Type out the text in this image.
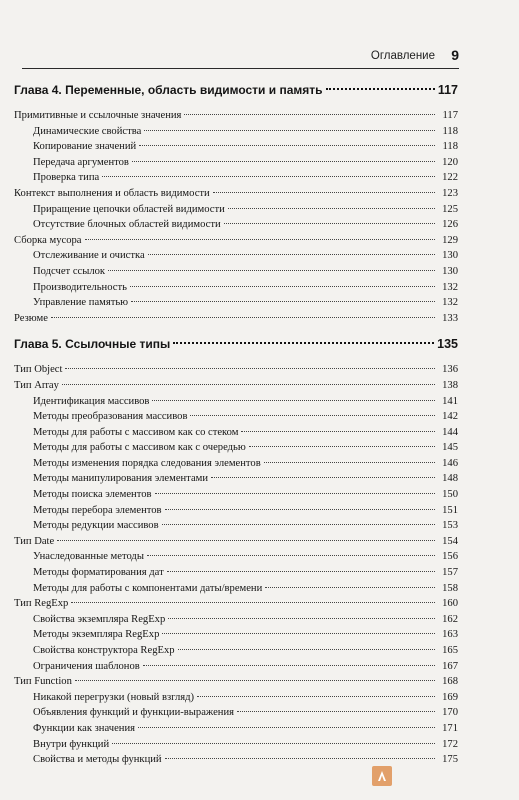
Оглавление 9
Глава 4. Переменные, область видимости и память	117
Примитивные и ссылочные значения	117
Динамические свойства	118
Копирование значений	118
Передача аргументов	120
Проверка типа	122
Контекст выполнения и область видимости	123
Приращение цепочки областей видимости	125
Отсутствие блочных областей видимости	126
Сборка мусора	129
Отслеживание и очистка	130
Подсчет ссылок	130
Производительность	132
Управление памятью	132
Резюме	133
Глава 5. Ссылочные типы	135
Тип Object	136
Тип Array	138
Идентификация массивов	141
Методы преобразования массивов	142
Методы для работы с массивом как со стеком	144
Методы для работы с массивом как с очередью	145
Методы изменения порядка следования элементов	146
Методы манипулирования элементами	148
Методы поиска элементов	150
Методы перебора элементов	151
Методы редукции массивов	153
Тип Date	154
Унаследованные методы	156
Методы форматирования дат	157
Методы для работы с компонентами даты/времени	158
Тип RegExp	160
Свойства экземпляра RegExp	162
Методы экземпляра RegExp	163
Свойства конструктора RegExp	165
Ограничения шаблонов	167
Тип Function	168
Никакой перегрузки (новый взгляд)	169
Объявления функций и функции-выражения	170
Функции как значения	171
Внутри функций	172
Свойства и методы функций	175
